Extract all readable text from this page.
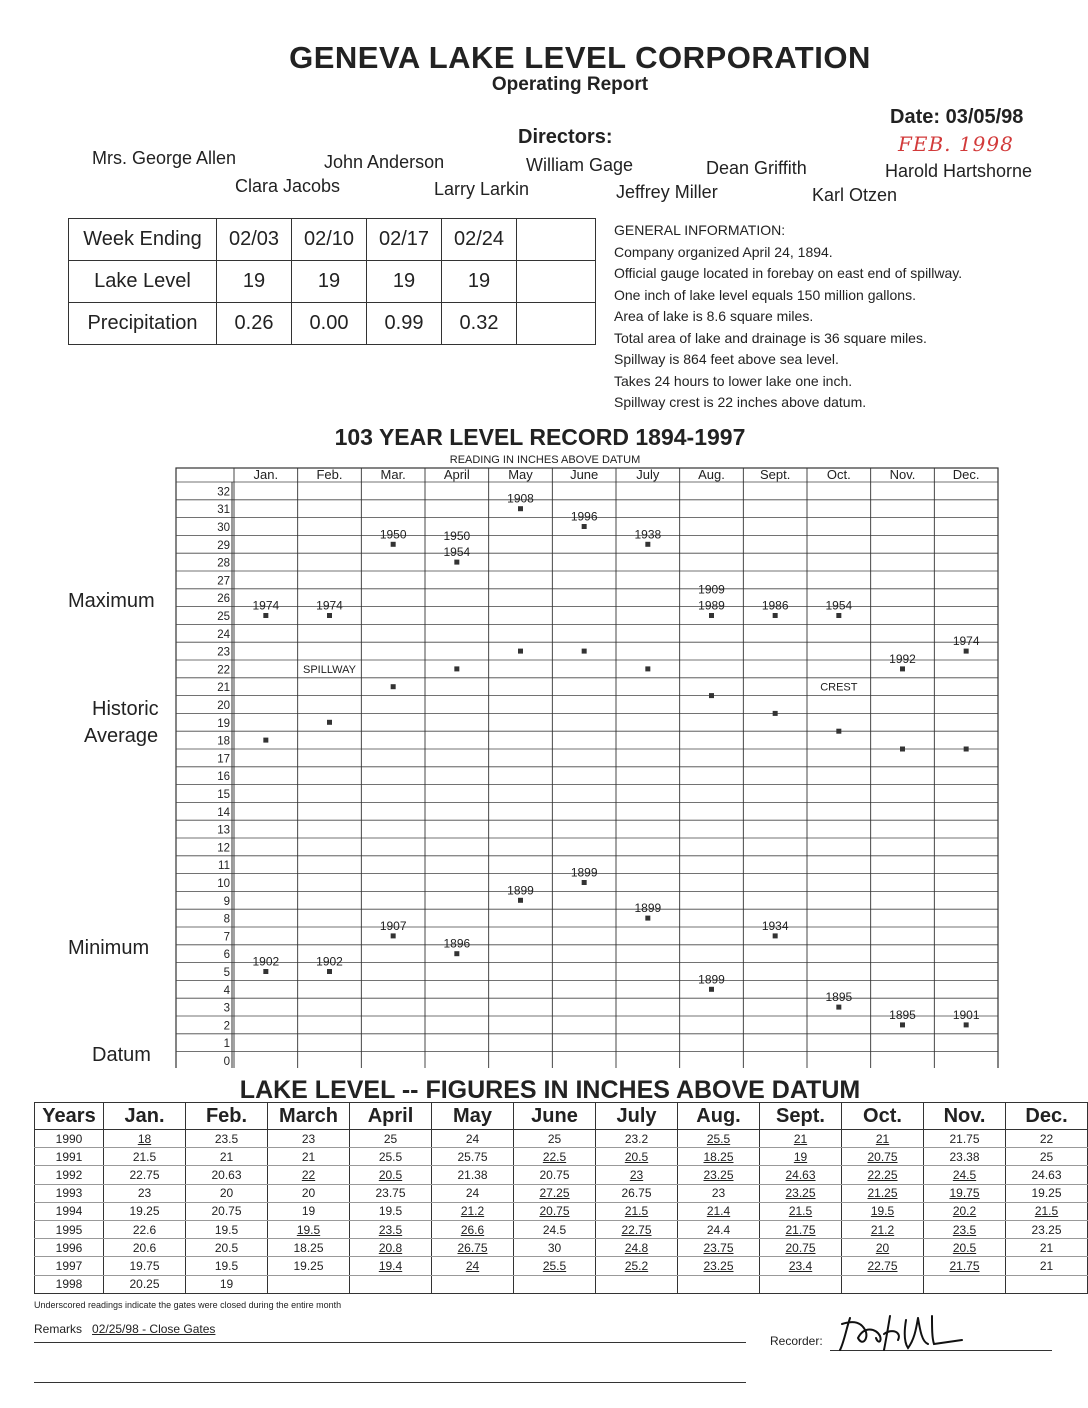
GENEVA LAKE LEVEL CORPORATION
Operating Report
Date: 03/05/98
FEB. 1998
Directors:
Mrs. George Allen	John Anderson	William Gage	Dean Griffith	Harold Hartshorne
Clara Jacobs	Larry Larkin	Jeffrey Miller	Karl Otzen
Week Ending	02/03	02/10	02/17	02/24	
Lake Level	19	19	19	19	
Precipitation	0.26	0.00	0.99	0.32	
GENERAL INFORMATION:
Company organized April 24, 1894.
Official gauge located in forebay on east end of spillway.
One inch of lake level equals 150 million gallons.
Area of lake is 8.6 square miles.
Total area of lake and drainage is 36 square miles.
Spillway is 864 feet above sea level.
Takes 24 hours to lower lake one inch.
Spillway crest is 22 inches above datum.
103 YEAR LEVEL RECORD 1894-1997
READING IN INCHES ABOVE DATUM
Maximum
Historic
Average
Minimum
Datum
Jan.	Feb.	Mar.	April	May	June	July	Aug.	Sept.	Oct.	Nov.	Dec.
0
1
2
3
4
5
6
7
8
9
10
11
12
13
14
15
16
17
18
19
20
21
22
23
24
25
26
27
28
29
30
31
32
SPILLWAY
CREST
1974	1974
1950	1950
1954
1908
1996
1938
1909
1989	1986	1954
1992
1974
1902	1902
1907
1896
1899
1899
1899
1899
1934
1895
1895	1901
LAKE LEVEL -- FIGURES IN INCHES ABOVE DATUM
Years	Jan.	Feb.	March	April	May	June	July	Aug.	Sept.	Oct.	Nov.	Dec.
1990	18	23.5	23	25	24	25	23.2	25.5	21	21	21.75	22
1991	21.5	21	21	25.5	25.75	22.5	20.5	18.25	19	20.75	23.38	25
1992	22.75	20.63	22	20.5	21.38	20.75	23	23.25	24.63	22.25	24.5	24.63
1993	23	20	20	23.75	24	27.25	26.75	23	23.25	21.25	19.75	19.25
1994	19.25	20.75	19	19.5	21.2	20.75	21.5	21.4	21.5	19.5	20.2	21.5
1995	22.6	19.5	19.5	23.5	26.6	24.5	22.75	24.4	21.75	21.2	23.5	23.25
1996	20.6	20.5	18.25	20.8	26.75	30	24.8	23.75	20.75	20	20.5	21
1997	19.75	19.5	19.25	19.4	24	25.5	25.2	23.25	23.4	22.75	21.75	21
1998	20.25	19										
Underscored readings indicate the gates were closed during the entire month
Remarks 02/25/98 - Close Gates
Recorder:
